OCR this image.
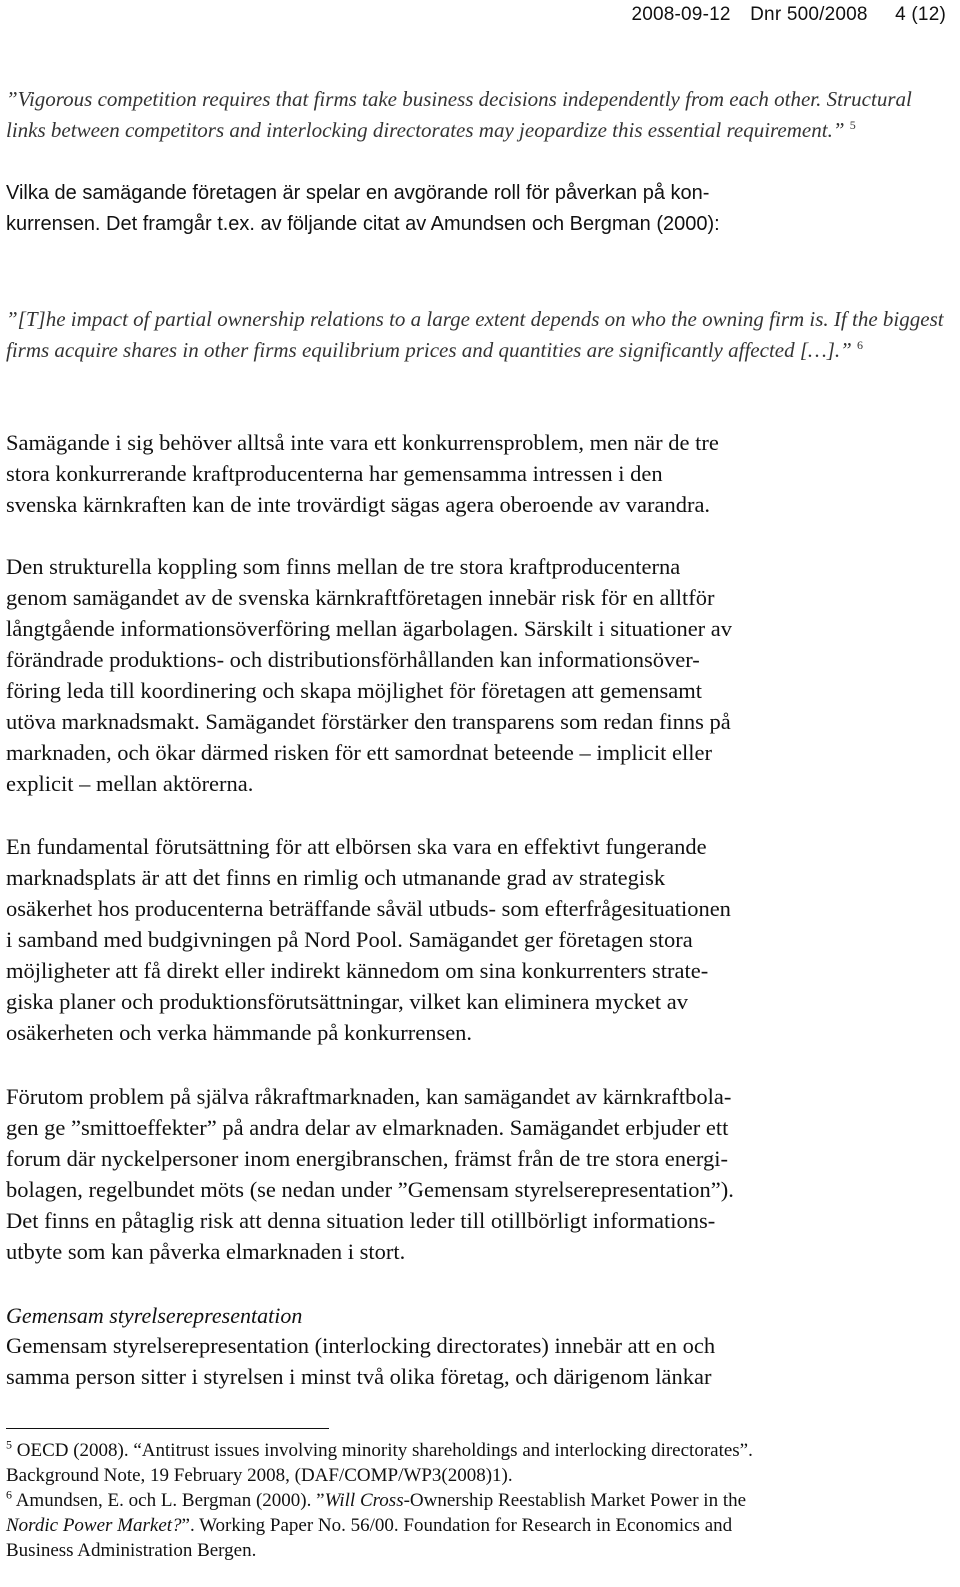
2008-09-12 Dnr 500/2008 4 (12)

”Vigorous competition requires that firms take business decisions independently from each other. Structural links between competitors and interlocking directorates may jeopardize this essential requirement.” $^5$

Vilka de samägande företagen är spelar en avgörande roll för påverkan på kon-
kurrensen. Det framgår t.ex. av följande citat av Amundsen och Bergman (2000):

”[T]he impact of partial ownership relations to a large extent depends on who the owning firm is. If the biggest firms acquire shares in other firms equilibrium prices and quantities are significantly affected […].” $^6$

Samägande i sig behöver alltså inte vara ett konkurrensproblem, men när de tre
stora konkurrerande kraftproducenterna har gemensamma intressen i den
svenska kärnkraften kan de inte trovärdigt sägas agera oberoende av varandra.
Den strukturella koppling som finns mellan de tre stora kraftproducenterna
genom samägandet av de svenska kärnkraftföretagen innebär risk för en alltför
långtgående informationsöverföring mellan ägarbolagen. Särskilt i situationer av
förändrade produktions- och distributionsförhållanden kan informationsöver-
föring leda till koordinering och skapa möjlighet för företagen att gemensamt
utöva marknadsmakt. Samägandet förstärker den transparens som redan finns på
marknaden, och ökar därmed risken för ett samordnat beteende – implicit eller
explicit – mellan aktörerna.
En fundamental förutsättning för att elbörsen ska vara en effektivt fungerande
marknadsplats är att det finns en rimlig och utmanande grad av strategisk
osäkerhet hos producenterna beträffande såväl utbuds- som efterfrågesituationen
i samband med budgivningen på Nord Pool. Samägandet ger företagen stora
möjligheter att få direkt eller indirekt kännedom om sina konkurrenters strate-
giska planer och produktionsförutsättningar, vilket kan eliminera mycket av
osäkerheten och verka hämmande på konkurrensen.
Förutom problem på själva råkraftmarknaden, kan samägandet av kärnkraftbola-
gen ge ”smittoeffekter” på andra delar av elmarknaden. Samägandet erbjuder ett
forum där nyckelpersoner inom energibranschen, främst från de tre stora energi-
bolagen, regelbundet möts (se nedan under ”Gemensam styrelserepresentation”).
Det finns en påtaglig risk att denna situation leder till otillbörligt informations-
utbyte som kan påverka elmarknaden i stort.
Gemensam styrelserepresentation
Gemensam styrelserepresentation (interlocking directorates) innebär att en och
samma person sitter i styrelsen i minst två olika företag, och därigenom länkar
$^5$ OECD (2008). “Antitrust issues involving minority shareholdings and interlocking directorates”.
Background Note, 19 February 2008, (DAF/COMP/WP3(2008)1).
$^6$ Amundsen, E. och L. Bergman (2000). ”Will Cross-Ownership Reestablish Market Power in the
Nordic Power Market?”. Working Paper No. 56/00. Foundation for Research in Economics and
Business Administration Bergen.
